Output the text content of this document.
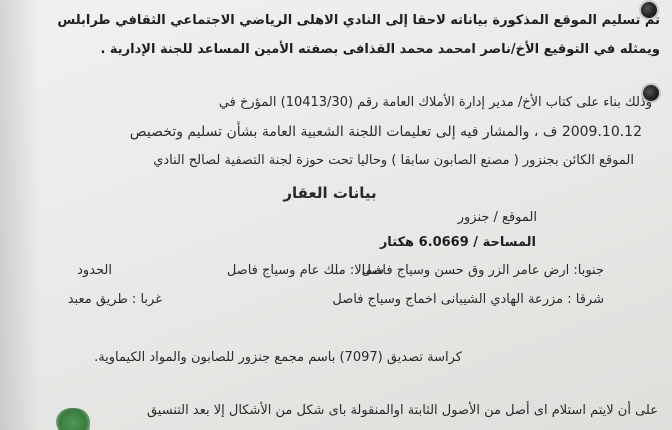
تم تسليم الموقع المذكورة بياناته لاحقا إلى النادي الاهلى الرياضي الاجتماعي الثقافي طرابلس
ويمثله في التوقيع الأخ/ناصر امحمد محمد القذافى بصفته الأمين المساعد للجنة الإدارية .
وذلك بناء على كتاب الأخ/ مدير إدارة الأملاك العامة رقم (10413/30) المؤرخ في
2009.10.12 ف ، والمشار فيه إلى تعليمات اللجنة الشعبية العامة بشأن تسليم وتخصيص
الموقع الكائن بجنزور ( مصنع الصابون سابقا ) وحاليا تحت حوزة لجنة التصفية لصالح النادي
بيانات العقار
الموقع / جنزور
المساحة / 6.0669 هكتار
الحدود	شمالا: ملك عام وسياج فاصل
جنوبا: ارض عامر الزر وق حسن وسياج فاصل
غربا : طريق معبد	شرقا : مزرعة الهادي الشيبانى اخماج وسياج فاصل
كراسة تصديق (7097) باسم مجمع جنزور للصابون والمواد الكيماوية.
على أن لايتم استلام اى أصل من الأصول الثابتة اوالمنقولة باى شكل من الأشكال إلا بعد التنسيق
